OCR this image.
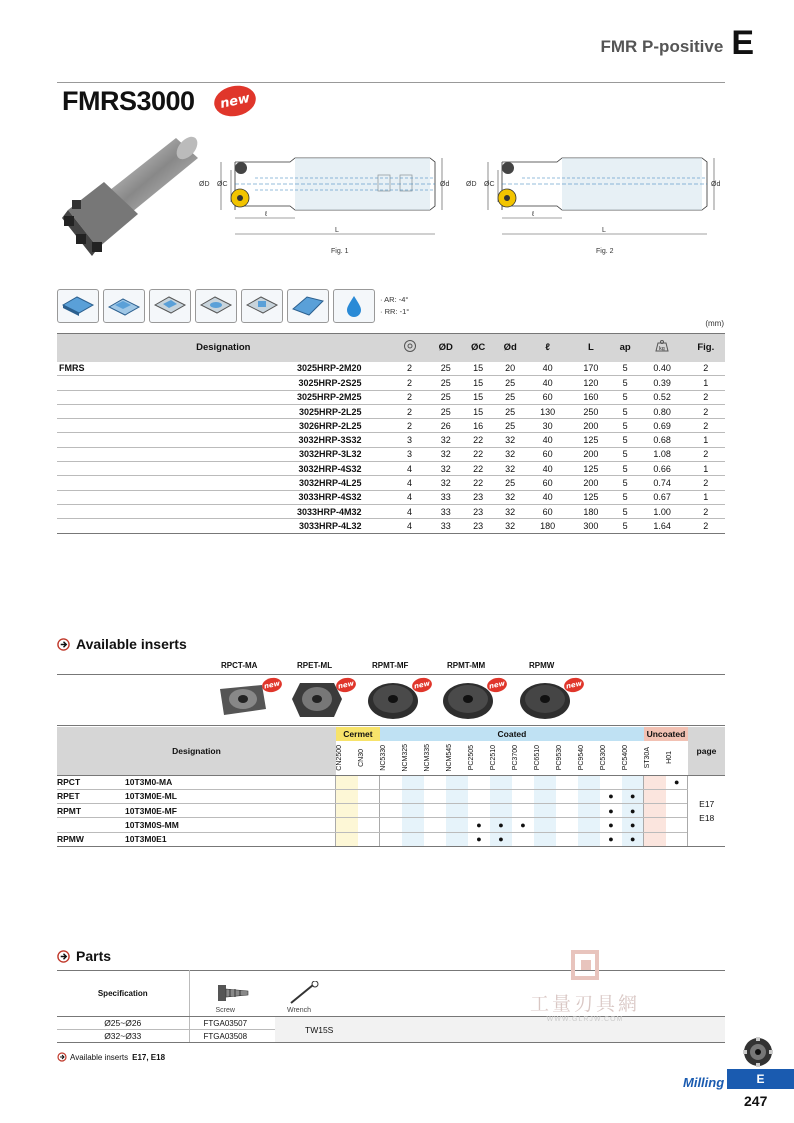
FMR P-positive E
FMRS3000	new
ØD ØC	Ød
ℓ
L
Fig. 1
ØD ØC	Ød
ℓ
L
Fig. 2
· AR: -4°
· RR: -1°
(mm)
Designation			ØD	ØC	Ød	ℓ	L	ap	kg	Fig.
FMRS	3025HRP-2M20	2	25	15	20	40	170	5	0.40	2
	3025HRP-2S25	2	25	15	25	40	120	5	0.39	1
	3025HRP-2M25	2	25	15	25	60	160	5	0.52	2
	3025HRP-2L25	2	25	15	25	130	250	5	0.80	2
	3026HRP-2L25	2	26	16	25	30	200	5	0.69	2
	3032HRP-3S32	3	32	22	32	40	125	5	0.68	1
	3032HRP-3L32	3	32	22	32	60	200	5	1.08	2
	3032HRP-4S32	4	32	22	32	40	125	5	0.66	1
	3032HRP-4L25	4	32	22	25	60	200	5	0.74	2
	3033HRP-4S32	4	33	23	32	40	125	5	0.67	1
	3033HRP-4M32	4	33	23	32	60	180	5	1.00	2
	3033HRP-4L32	4	33	23	32	180	300	5	1.64	2
Available inserts
RPCT-MA	RPET-ML	RPMT-MF	RPMT-MM	RPMW
new	new	new	new	new
Designation		Cermet		Coated												Uncoated		page

		CN2500	CN30	NC5330	NCM325	NCM335	NCM545	PC2505	PC2510	PC3700	PC6510	PC9530	PC9540	PC5300	PC5400	ST30A	H01	

RPCT	10T3M0-MA																●	E17
E18

RPET	10T3M0E-ML													●	●			
RPMT	10T3M0E-MF													●	●			
	10T3M0S-MM							●	●	●				●	●			
RPMW	10T3M0E1							●	●					●	●			
Parts
Specification	Screw	Wrench

Ø25~Ø26	FTGA03507	TW15S
Ø32~Ø33	FTGA03508	
Available inserts E17, E18
工量刃具網
WWW.GLRJW.COM
Milling	E
247
